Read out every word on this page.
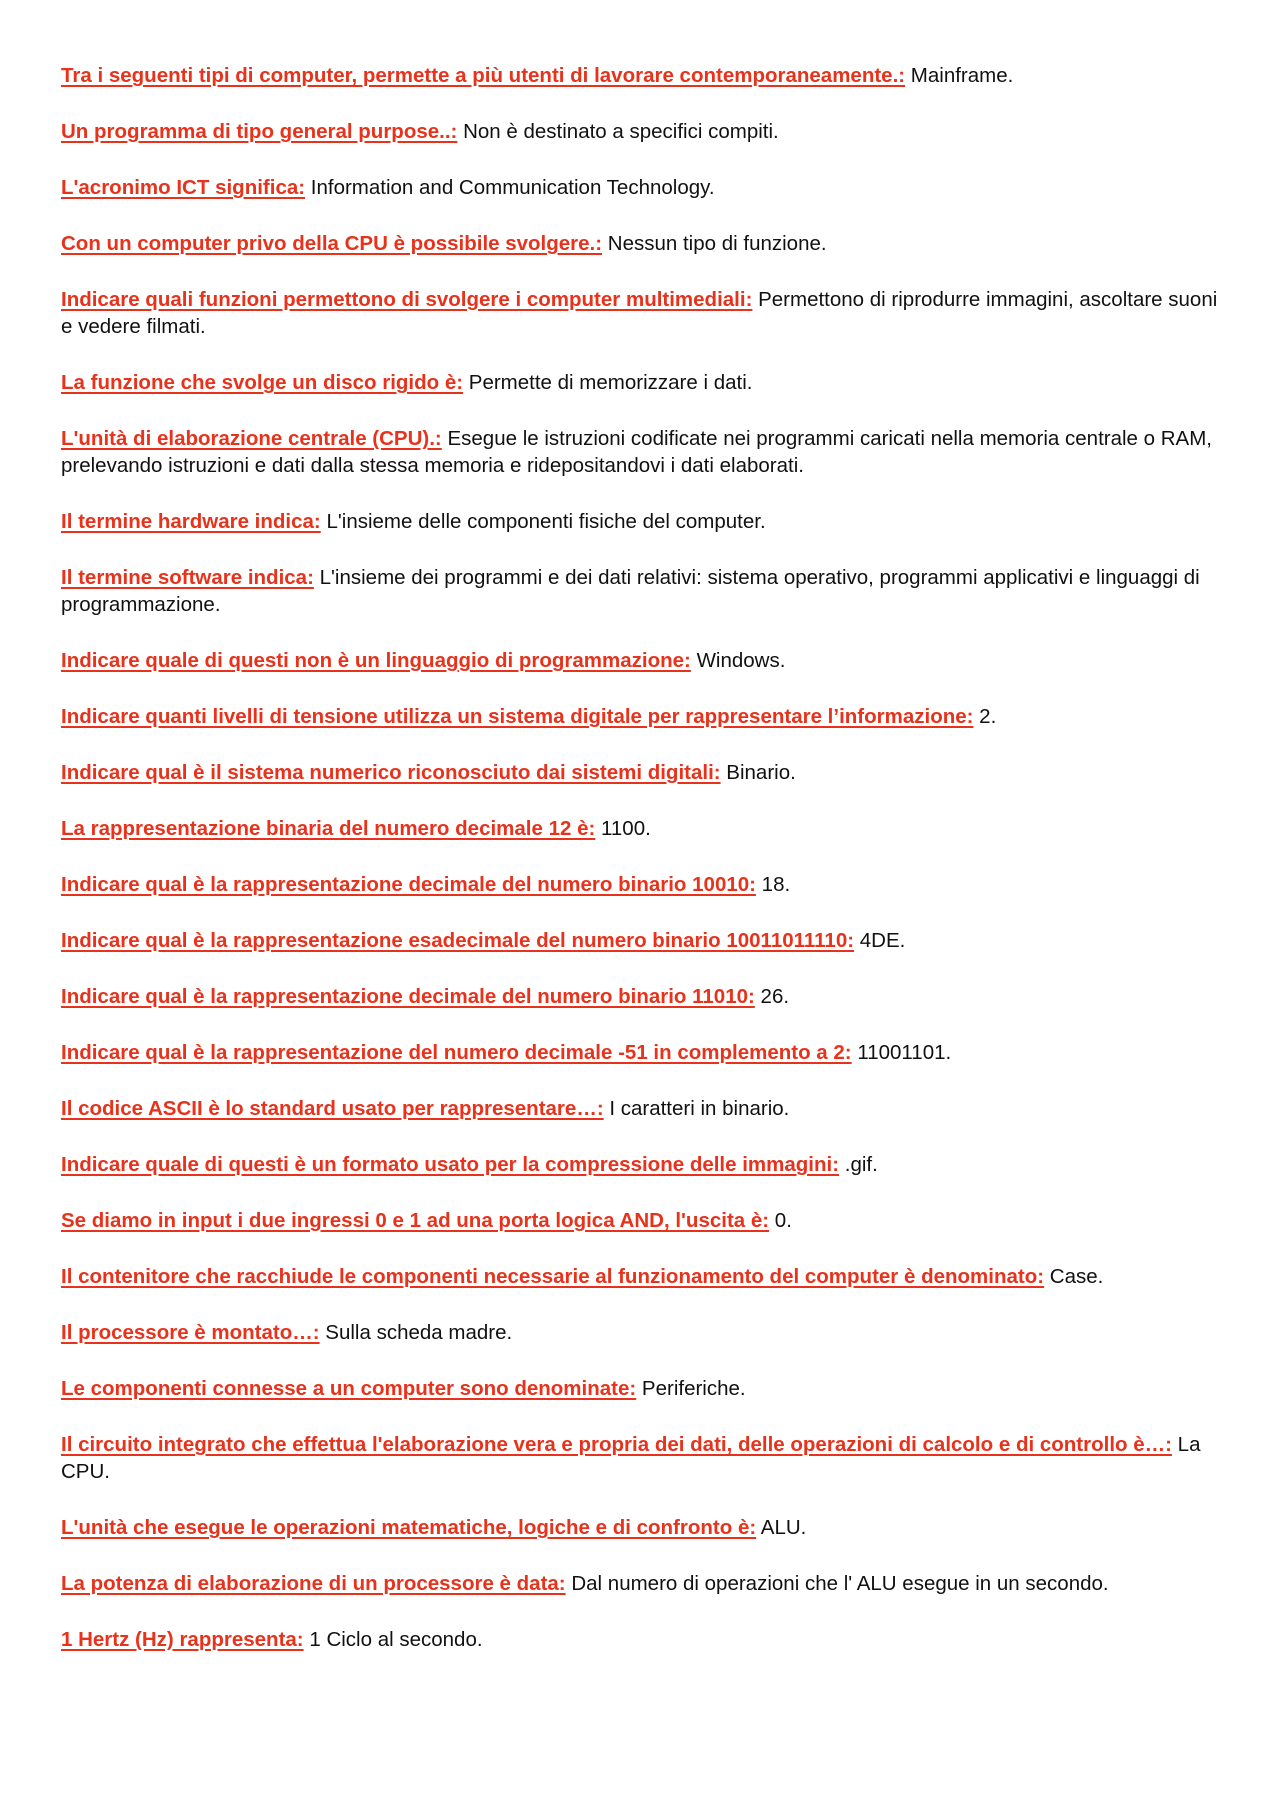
Tra i seguenti tipi di computer, permette a più utenti di lavorare contemporaneamente.: Mainframe.
Un programma di tipo general purpose..: Non è destinato a specifici compiti.
L'acronimo ICT significa: Information and Communication Technology.
Con un computer privo della CPU è possibile svolgere.: Nessun tipo di funzione.
Indicare quali funzioni permettono di svolgere i computer multimediali: Permettono di riprodurre immagini, ascoltare suoni e vedere filmati.
La funzione che svolge un disco rigido è: Permette di memorizzare i dati.
L'unità di elaborazione centrale (CPU).: Esegue le istruzioni codificate nei programmi caricati nella memoria centrale o RAM, prelevando istruzioni e dati dalla stessa memoria e ridepositandovi i dati elaborati.
Il termine hardware indica: L'insieme delle componenti fisiche del computer.
Il termine software indica: L'insieme dei programmi e dei dati relativi: sistema operativo, programmi applicativi e linguaggi di programmazione.
Indicare quale di questi non è un linguaggio di programmazione: Windows.
Indicare quanti livelli di tensione utilizza un sistema digitale per rappresentare l’informazione: 2.
Indicare qual è il sistema numerico riconosciuto dai sistemi digitali: Binario.
La rappresentazione binaria del numero decimale 12 è: 1100.
Indicare qual è la rappresentazione decimale del numero binario 10010: 18.
Indicare qual è la rappresentazione esadecimale del numero binario 10011011110: 4DE.
Indicare qual è la rappresentazione decimale del numero binario 11010: 26.
Indicare qual è la rappresentazione del numero decimale -51 in complemento a 2: 11001101.
Il codice ASCII è lo standard usato per rappresentare…: I caratteri in binario.
Indicare quale di questi è un formato usato per la compressione delle immagini: .gif.
Se diamo in input i due ingressi 0 e 1 ad una porta logica AND, l'uscita è: 0.
Il contenitore che racchiude le componenti necessarie al funzionamento del computer è denominato: Case.
Il processore è montato…: Sulla scheda madre.
Le componenti connesse a un computer sono denominate: Periferiche.
Il circuito integrato che effettua l'elaborazione vera e propria dei dati, delle operazioni di calcolo e di controllo è…: La CPU.
L'unità che esegue le operazioni matematiche, logiche e di confronto è: ALU.
La potenza di elaborazione di un processore è data: Dal numero di operazioni che l' ALU esegue in un secondo.
1 Hertz (Hz) rappresenta: 1 Ciclo al secondo.
